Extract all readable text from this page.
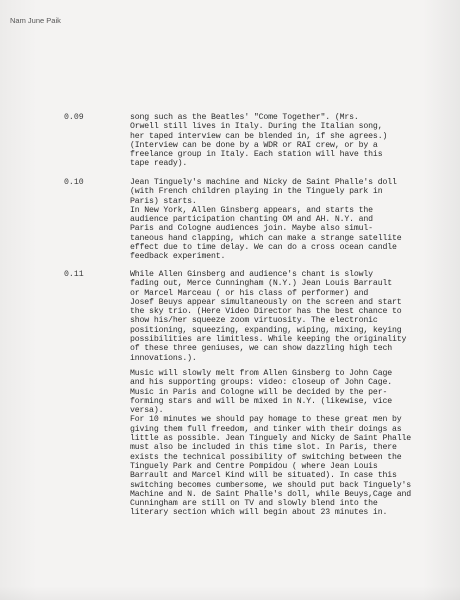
Nam June Paik
0.09	song such as the Beatles' "Come Together". (Mrs.
Orwell still lives in Italy. During the Italian song,
her taped interview can be blended in, if she agrees.)
(Interview can be done by a WDR or RAI crew, or by a
freelance group in Italy. Each station will have this
tape ready).
0.10	Jean Tinguely's machine and Nicky de Saint Phalle's doll
(with French children playing in the Tinguely park in
Paris) starts.
In New York, Allen Ginsberg appears, and starts the
audience participation chanting OM and AH. N.Y. and
Paris and Cologne audiences join. Maybe also simul-
taneous hand clapping, which can make a strange satellite
effect due to time delay. We can do a cross ocean candle
feedback experiment.
0.11	While Allen Ginsberg and audience's chant is slowly
fading out, Merce Cunningham (N.Y.) Jean Louis Barrault
or Marcel Marceau ( or his class of performer) and
Josef Beuys appear simultaneously on the screen and start
the sky trio. (Here Video Director has the best chance to
show his/her squeeze zoom virtuosity. The electronic
positioning, squeezing, expanding, wiping, mixing, keying
possibilities are limitless. While keeping the originality
of these three geniuses, we can show dazzling high tech
innovations.).
Music will slowly melt from Allen Ginsberg to John Cage
and his supporting groups: video: closeup of John Cage.
Music in Paris and Cologne will be decided by the per-
forming stars and will be mixed in N.Y. (likewise, vice
versa).
For 10 minutes we should pay homage to these great men by
giving them full freedom, and tinker with their doings as
little as possible. Jean Tinguely and Nicky de Saint Phalle
must also be included in this time slot. In Paris, there
exists the technical possibility of switching between the
Tinguely Park and Centre Pompidou ( where Jean Louis
Barrault and Marcel Kind will be situated). In case this
switching becomes cumbersome, we should put back Tinguely's
Machine and N. de Saint Phalle's doll, while Beuys,Cage and
Cunningham are still on TV and slowly blend into the
literary section which will begin about 23 minutes in.
